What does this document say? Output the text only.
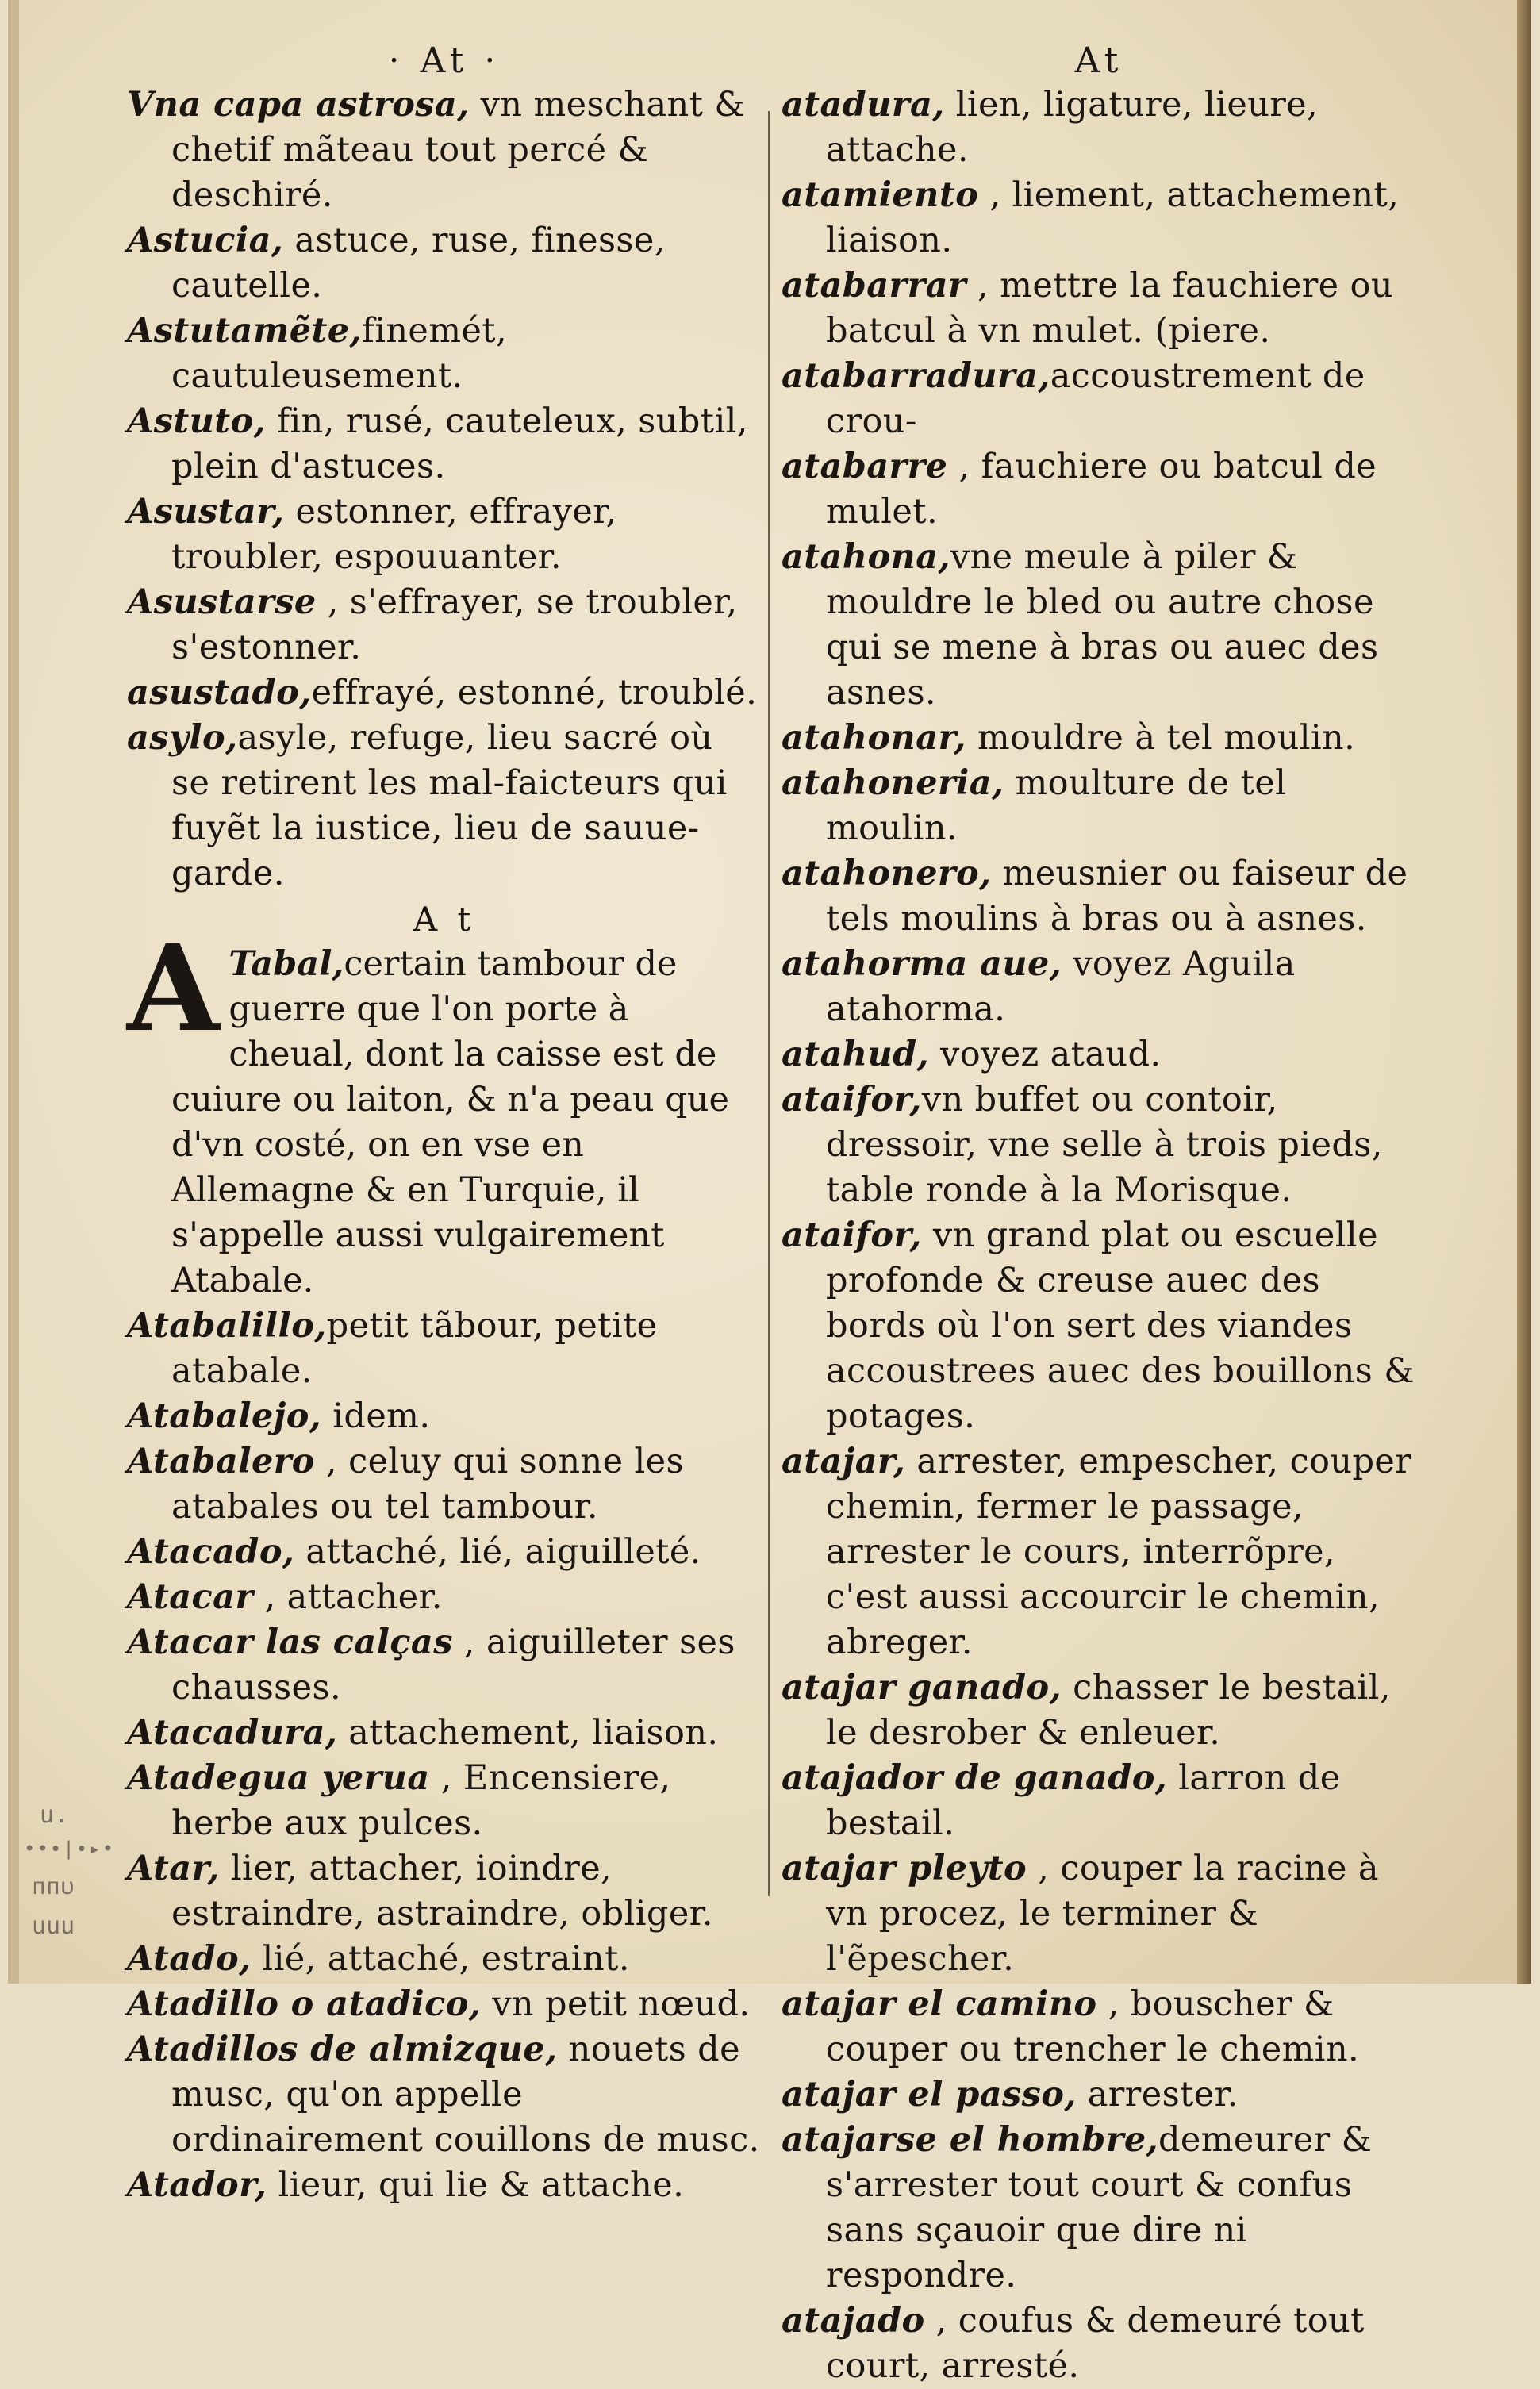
· At ·
Vna capa astrosa, vn meschant & chetif mãteau tout percé & deschiré.
Astucia, astuce, ruse, finesse, cautelle.
Astutamẽte,finemét, cautuleusement.
Astuto, fin, rusé, cauteleux, subtil, plein d'astuces.
Asustar, estonner, effrayer, troubler, espouuanter.
Asustarse , s'effrayer, se troubler, s'estonner.
asustado,effrayé, estonné, troublé.
asylo,asyle, refuge, lieu sacré où se retirent les mal-faicteurs qui fuyẽt la iustice, lieu de sauue-garde.
A t
A Tabal,certain tambour de guerre que l'on porte à cheual, dont la caisse est de cuiure ou laiton, & n'a peau que d'vn costé, on en vse en Allemagne & en Turquie, il s'appelle aussi vulgairement Atabale.
Atabalillo,petit tãbour, petite atabale.
Atabalejo, idem.
Atabalero , celuy qui sonne les atabales ou tel tambour.
Atacado, attaché, lié, aiguilleté.
Atacar , attacher.
Atacar las calças , aiguilleter ses chausses.
Atacadura, attachement, liaison.
Atadegua yerua , Encensiere, herbe aux pulces.
Atar, lier, attacher, ioindre, estraindre, astraindre, obliger.
Atado, lié, attaché, estraint.
Atadillo o atadico, vn petit nœud.
Atadillos de almizque, nouets de musc, qu'on appelle ordinairement couillons de musc.
Atador, lieur, qui lie & attache.
At
atadura, lien, ligature, lieure, attache.
atamiento , liement, attachement, liaison.
atabarrar , mettre la fauchiere ou batcul à vn mulet. (piere.
atabarradura,accoustrement de crou-
atabarre , fauchiere ou batcul de mulet.
atahona,vne meule à piler & mouldre le bled ou autre chose qui se mene à bras ou auec des asnes.
atahonar, mouldre à tel moulin.
atahoneria, moulture de tel moulin.
atahonero, meusnier ou faiseur de tels moulins à bras ou à asnes.
atahorma aue, voyez Aguila atahorma.
atahud, voyez ataud.
ataifor,vn buffet ou contoir, dressoir, vne selle à trois pieds, table ronde à la Morisque.
ataifor, vn grand plat ou escuelle profonde & creuse auec des bords où l'on sert des viandes accoustrees auec des bouillons & potages.
atajar, arrester, empescher, couper chemin, fermer le passage, arrester le cours, interrõpre, c'est aussi accourcir le chemin, abreger.
atajar ganado, chasser le bestail, le desrober & enleuer.
atajador de ganado, larron de bestail.
atajar pleyto , couper la racine à vn procez, le terminer & l'ẽpescher.
atajar el camino , bouscher & couper ou trencher le chemin.
atajar el passo, arrester.
atajarse el hombre,demeurer & s'arrester tout court & confus sans sçauoir que dire ni respondre.
atajado , coufus & demeuré tout court, arresté.
u.
••∙|∙▸•
ᴨᴨᴜ
uuu
